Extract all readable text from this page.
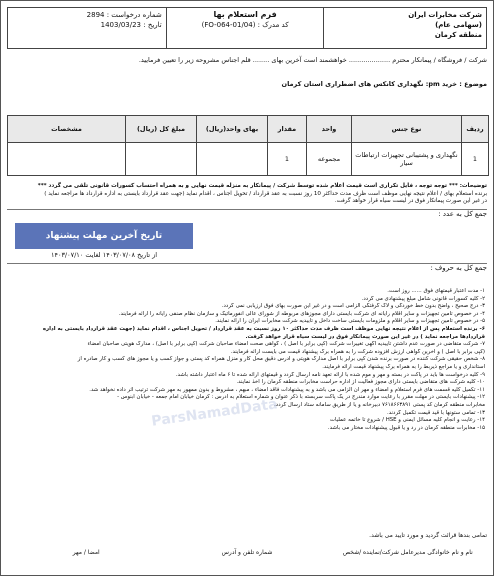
شرکت مخابرات ایران
(سهامی عام)
منطقه کرمان
فرم استعلام بها
کد مدرک : (FO-064-01/04)
شماره درخواست : 2894
تاریخ : 1403/03/23
شرکت / فروشگاه / پیمانکار محترم .................... خواهشمند است آخرین بهای ........ قلم اجناس مشروحه زیر را تعیین فرمایید.
موضوع : خرید pm: نگهداری کانکس های اضطراری استان کرمان
ردیف	نوع جنس	واحد	مقدار	بهای واحد(ریال)	مبلغ کل (ریال)	مشخصات
1	نگهداری و پشتیبانی تجهیزات ارتباطات سیار	مجموعه	1			
توضیحات: *** توجه توجه ، فایل تکراری است قیمت اعلام شده توسط شرکت / پیمانکار به منزله قیمت نهایی و به همراه احتساب کسورات قانونی تلقی می گردد ***
برنده استعلام بهای / اعلام نتیجه نهایی موظف است ظرف مدت حداکثر 10 روز نسبت به عقد قرارداد / تحویل اجناس ، اقدام نماید (جهت عقد قرارداد بایستی به اداره قرارداد ها مراجعه نماید )
در غیر این صورت پیمانکار فوق در لیست سیاه قرار خواهد گرفت.
جمع کل به عدد :
تاریخ آخرین مهلت پیشنهاد
از تاریخ ۱۴۰۳/۰۷/۰۸ لغایت ۱۴۰۳/۰۷/۱۰
جمع کل به حروف :
۱- مدت اعتبار قیمتهای فوق ...... روز است.
۲- کلیه کسورات قانونی شامل مبلغ پیشنهادی می گردد.
۳- درج صحیح ، واضح بدون خط خوردگی و لاک گرفتگی الزامی است و در غیر این صورت بهای فوق ارزیابی نمی گردد.
۴- در خصوص تامین تجهیزات و سایر اقلام رایانه ای شرکت بایستی دارای مجوزهای مربوطه از شورای عالی انفورماتیک و سازمان نظام صنفی رایانه را ارائه فرمایند.
۵- در خصوص تامین تجهیزات و سایر اقلام و ملزومات بایستی ساخت داخل و تاییدیه شرکت مخابرات ایران را ارائه نمایند.
۶- برنده استعلام پس از اعلام نتیجه نهایی موظف است ظرف مدت حداکثر ۱۰ روز نسبت به عقد قرارداد / تحویل اجناس ، اقدام نماید (جهت عقد قرارداد بایستی به اداره
قراردادها مراجعه نماید ) در غیر این صورت پیمانکار فوق در لیست سیاه قرار خواهد گرفت.
۷- شرکت متقاضی در صورت عدم داشتن تاییدیه آگهی تغییرات شرکت (کپی برابر با اصل ) ، گواهی صحت امضاء صاحبان شرکت (کپی برابر با اصل) ، مدارک هویتی صاحبان امضاء
(کپی برابر با اصل ) و آخرین گواهی ارزش افزوده شرکت را به همراه برگ پیشنهاد قیمت می بایست ارائه فرمایند.
۸- شخص حقیقی شرکت کننده در صورت برنده شدن کپی برابر با اصل مدارک هویتی و آدرس دقیق محل کار و منزل همراه کد پستی و جواز کسب و یا مجوز های کسب و کار صادره از
استانداری و یا مراجع ذیربط را به همراه برگ پیشنهاد قیمت ارائه فرمایند.
۹- کلیه درخواست ها باید در پاکت در بسته و مهر و موم شده با ارائه تعهد نامه ارسال گردد و قیمتهای ارائه شده تا ۶ ماه اعتبار داشته باشد.
۱۰- کلیه شرکت های متقاضی بایستی دارای مجوز فعالیت از اداره حراست مخابرات منطقه کرمان را اخذ نمایند.
۱۱- تکمیل کلیه قسمت های فرم استعلام و امضاء و مهر آن الزامی می باشد و به پیشنهادات فاقد امضاء ، مبهم ، مشروط و بدون ممهور به مهر شرکت ترتیب اثر داده نخواهد شد.
۱۲- پیشنهادات بایستی در مهلت مقرر با رعایت موارد مندرج در یک پاکت سربسته با ذکر عنوان و شماره استعلام به آدرس : کرمان خیابان امام جمعه - خیابان آبنوس -
مخابرات منطقه کرمان کد پستی ۷۶۱۸۶۶۳۸۹۱ دبیرخانه و یا از طریق سامانه ستاد ارسال گردد.
۱۳- تمامی ستونها با قید قیمت تکمیل گردند.
۱۴- رعایت و انجام کلیه مسائل ایمنی و HSE / شروع تا خاتمه عملیات
۱۵- مخابرات منطقه کرمان در رد و یا قبول پیشنهادات مختار می باشد.
تمامی بندها قرائت گردید و مورد تایید می باشد.
نام و نام خانوادگی مدیرعامل شرکت/نماینده /شخص
شماره تلفن و آدرس
امضا / مهر
ParsNamadData
